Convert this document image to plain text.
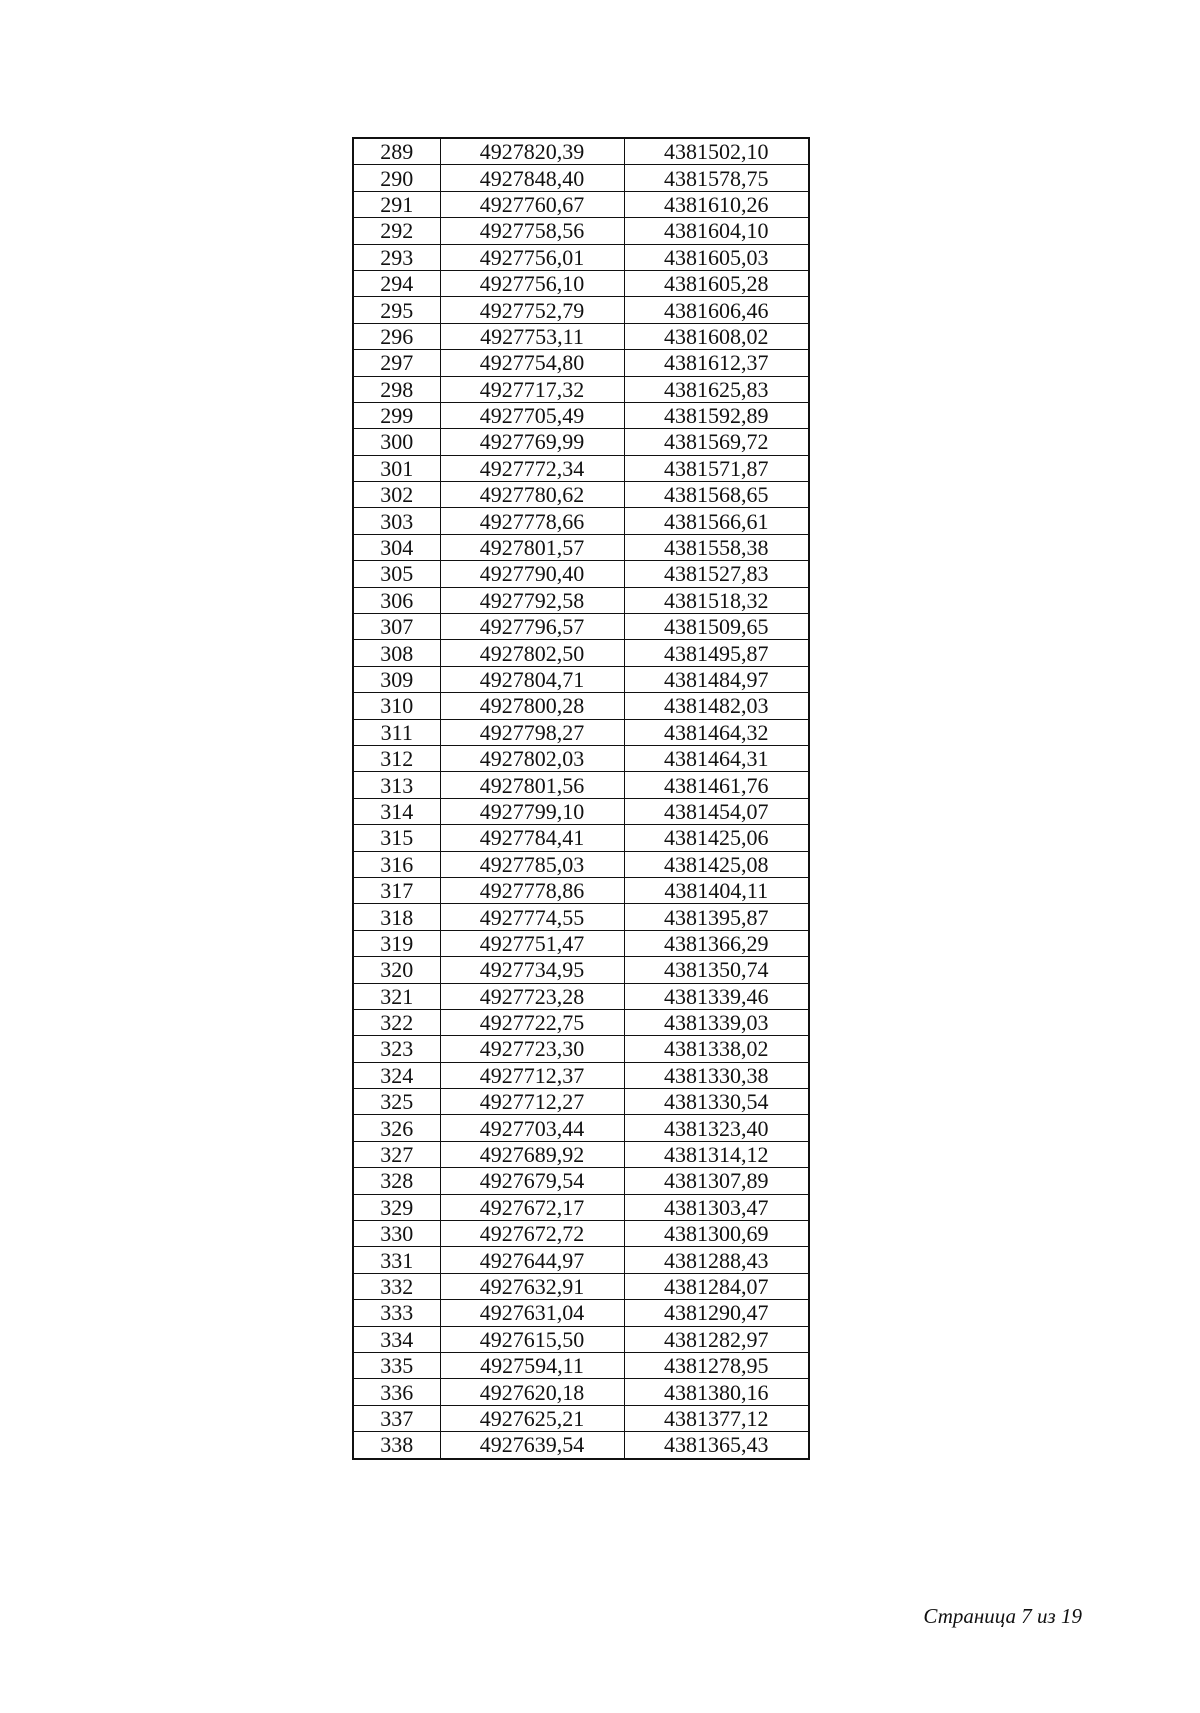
289	4927820,39	4381502,10
290	4927848,40	4381578,75
291	4927760,67	4381610,26
292	4927758,56	4381604,10
293	4927756,01	4381605,03
294	4927756,10	4381605,28
295	4927752,79	4381606,46
296	4927753,11	4381608,02
297	4927754,80	4381612,37
298	4927717,32	4381625,83
299	4927705,49	4381592,89
300	4927769,99	4381569,72
301	4927772,34	4381571,87
302	4927780,62	4381568,65
303	4927778,66	4381566,61
304	4927801,57	4381558,38
305	4927790,40	4381527,83
306	4927792,58	4381518,32
307	4927796,57	4381509,65
308	4927802,50	4381495,87
309	4927804,71	4381484,97
310	4927800,28	4381482,03
311	4927798,27	4381464,32
312	4927802,03	4381464,31
313	4927801,56	4381461,76
314	4927799,10	4381454,07
315	4927784,41	4381425,06
316	4927785,03	4381425,08
317	4927778,86	4381404,11
318	4927774,55	4381395,87
319	4927751,47	4381366,29
320	4927734,95	4381350,74
321	4927723,28	4381339,46
322	4927722,75	4381339,03
323	4927723,30	4381338,02
324	4927712,37	4381330,38
325	4927712,27	4381330,54
326	4927703,44	4381323,40
327	4927689,92	4381314,12
328	4927679,54	4381307,89
329	4927672,17	4381303,47
330	4927672,72	4381300,69
331	4927644,97	4381288,43
332	4927632,91	4381284,07
333	4927631,04	4381290,47
334	4927615,50	4381282,97
335	4927594,11	4381278,95
336	4927620,18	4381380,16
337	4927625,21	4381377,12
338	4927639,54	4381365,43
Страница 7 из 19
